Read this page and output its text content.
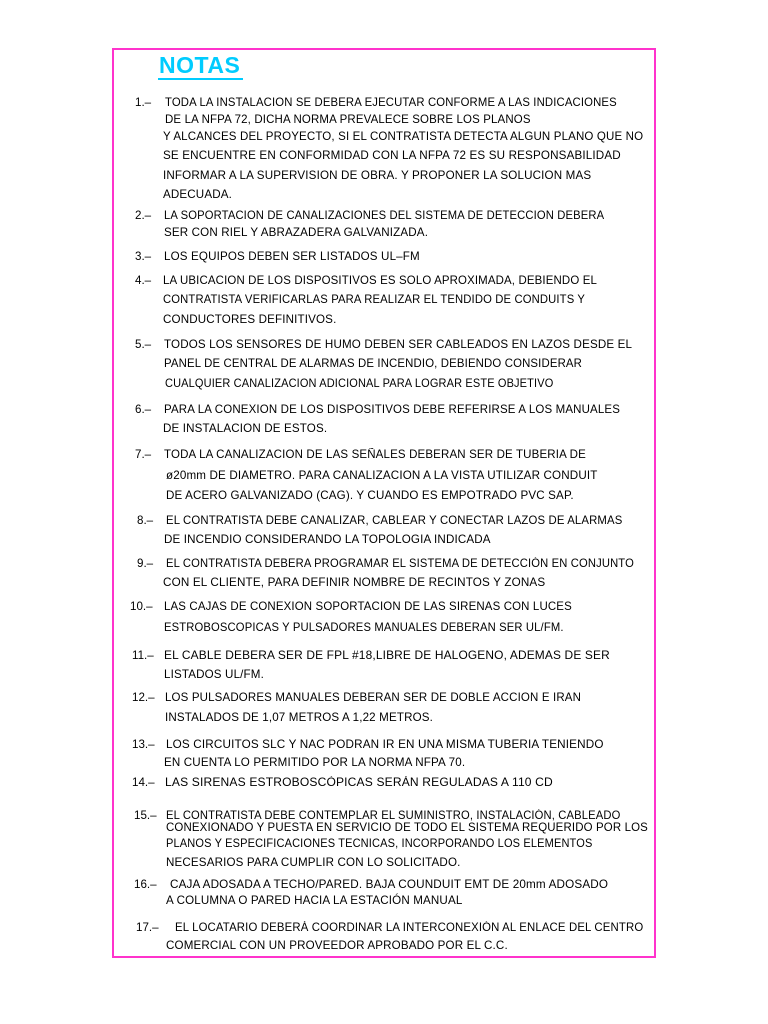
NOTAS
1.– TODA LA INSTALACION SE DEBERA EJECUTAR CONFORME A LAS INDICACIONES
DE LA NFPA 72, DICHA NORMA PREVALECE SOBRE LOS PLANOS
Y ALCANCES DEL PROYECTO, SI EL CONTRATISTA DETECTA ALGUN PLANO QUE NO
SE ENCUENTRE EN CONFORMIDAD CON LA NFPA 72 ES SU RESPONSABILIDAD
INFORMAR A LA SUPERVISION DE OBRA. Y PROPONER LA SOLUCION MAS
ADECUADA.
2.– LA SOPORTACION DE CANALIZACIONES DEL SISTEMA DE DETECCION DEBERA
SER CON RIEL Y ABRAZADERA GALVANIZADA.
3.– LOS EQUIPOS DEBEN SER LISTADOS UL–FM
4.– LA UBICACION DE LOS DISPOSITIVOS ES SOLO APROXIMADA, DEBIENDO EL
CONTRATISTA VERIFICARLAS PARA REALIZAR EL TENDIDO DE CONDUITS Y
CONDUCTORES DEFINITIVOS.
5.– TODOS LOS SENSORES DE HUMO DEBEN SER CABLEADOS EN LAZOS DESDE EL
PANEL DE CENTRAL DE ALARMAS DE INCENDIO, DEBIENDO CONSIDERAR
CUALQUIER CANALIZACION ADICIONAL PARA LOGRAR ESTE OBJETIVO
6.– PARA LA CONEXION DE LOS DISPOSITIVOS DEBE REFERIRSE A LOS MANUALES
DE INSTALACION DE ESTOS.
7.– TODA LA CANALIZACION DE LAS SEÑALES DEBERAN SER DE TUBERIA DE
ø20mm DE DIAMETRO. PARA CANALIZACION A LA VISTA UTILIZAR CONDUIT
DE ACERO GALVANIZADO (CAG). Y CUANDO ES EMPOTRADO PVC SAP.
8.– EL CONTRATISTA DEBE CANALIZAR, CABLEAR Y CONECTAR LAZOS DE ALARMAS
DE INCENDIO CONSIDERANDO LA TOPOLOGIA INDICADA
9.– EL CONTRATISTA DEBERA PROGRAMAR EL SISTEMA DE DETECCIÓN EN CONJUNTO
CON EL CLIENTE, PARA DEFINIR NOMBRE DE RECINTOS Y ZONAS
10.– LAS CAJAS DE CONEXION SOPORTACION DE LAS SIRENAS CON LUCES
ESTROBOSCOPICAS Y PULSADORES MANUALES DEBERAN SER UL/FM.
11.– EL CABLE DEBERA SER DE FPL #18,LIBRE DE HALOGENO, ADEMAS DE SER
LISTADOS UL/FM.
12.– LOS PULSADORES MANUALES DEBERAN SER DE DOBLE ACCION E IRAN
INSTALADOS DE 1,07 METROS A 1,22 METROS.
13.– LOS CIRCUITOS SLC Y NAC PODRAN IR EN UNA MISMA TUBERIA TENIENDO
EN CUENTA LO PERMITIDO POR LA NORMA NFPA 70.
14.– LAS SIRENAS ESTROBOSCÒPICAS SERÀN REGULADAS A 110 CD
15.– EL CONTRATISTA DEBE CONTEMPLAR EL SUMINISTRO, INSTALACIÓN, CABLEADO
CONEXIONADO Y PUESTA EN SERVICIO DE TODO EL SISTEMA REQUERIDO POR LOS
PLANOS Y ESPECIFICACIONES TECNICAS, INCORPORANDO LOS ELEMENTOS
NECESARIOS PARA CUMPLIR CON LO SOLICITADO.
16.– CAJA ADOSADA A TECHO/PARED. BAJA COUNDUIT EMT DE 20mm ADOSADO
A COLUMNA O PARED HACIA LA ESTACIÓN MANUAL
17.– EL LOCATARIO DEBERÁ COORDINAR LA INTERCONEXIÓN AL ENLACE DEL CENTRO
COMERCIAL CON UN PROVEEDOR APROBADO POR EL C.C.
